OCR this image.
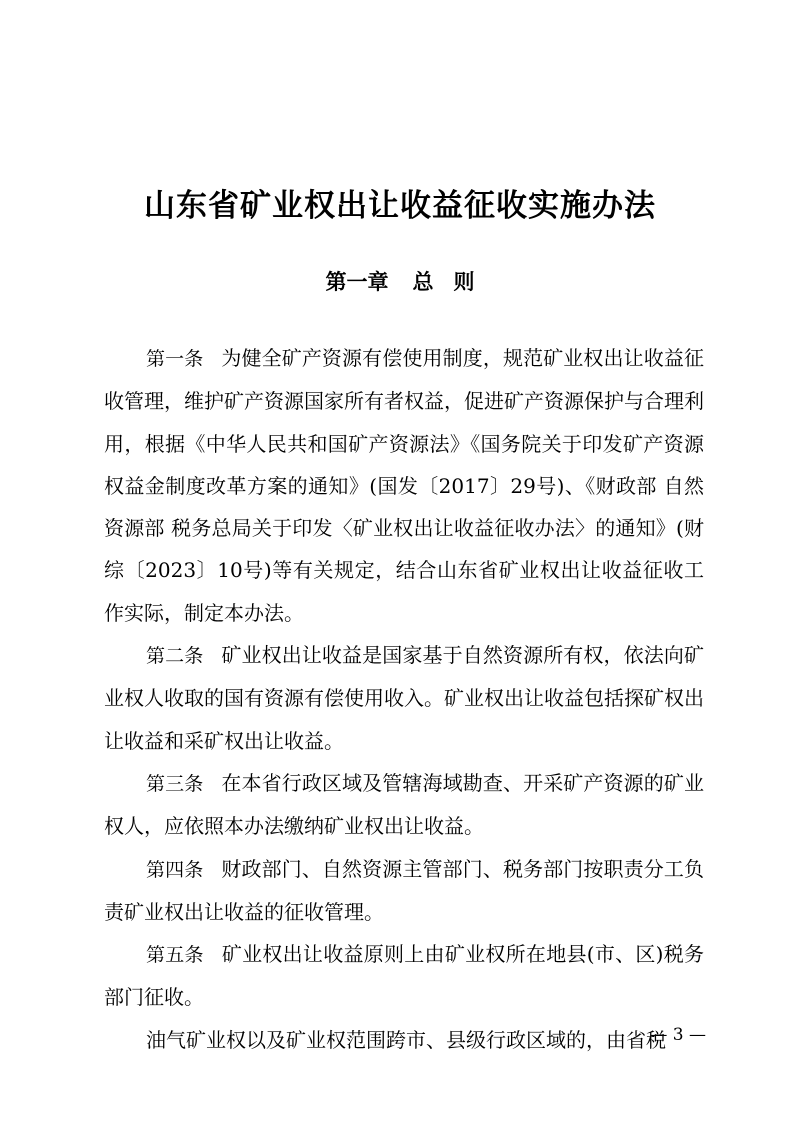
山东省矿业权出让收益征收实施办法
第一章 总 则

第一条 为健全矿产资源有偿使用制度，规范矿业权出让收益征收管理，维护矿产资源国家所有者权益，促进矿产资源保护与合理利用，根据《中华人民共和国矿产资源法》《国务院关于印发矿产资源权益金制度改革方案的通知》(国发〔2017〕29号)、《财政部 自然资源部 税务总局关于印发〈矿业权出让收益征收办法〉的通知》(财综〔2023〕10号)等有关规定，结合山东省矿业权出让收益征收工作实际，制定本办法。

第二条 矿业权出让收益是国家基于自然资源所有权，依法向矿业权人收取的国有资源有偿使用收入。矿业权出让收益包括探矿权出让收益和采矿权出让收益。

第三条 在本省行政区域及管辖海域勘查、开采矿产资源的矿业权人，应依照本办法缴纳矿业权出让收益。

第四条 财政部门、自然资源主管部门、税务部门按职责分工负责矿业权出让收益的征收管理。

第五条 矿业权出让收益原则上由矿业权所在地县(市、区)税务部门征收。

油气矿业权以及矿业权范围跨市、县级行政区域的，由省税

— 3 —
